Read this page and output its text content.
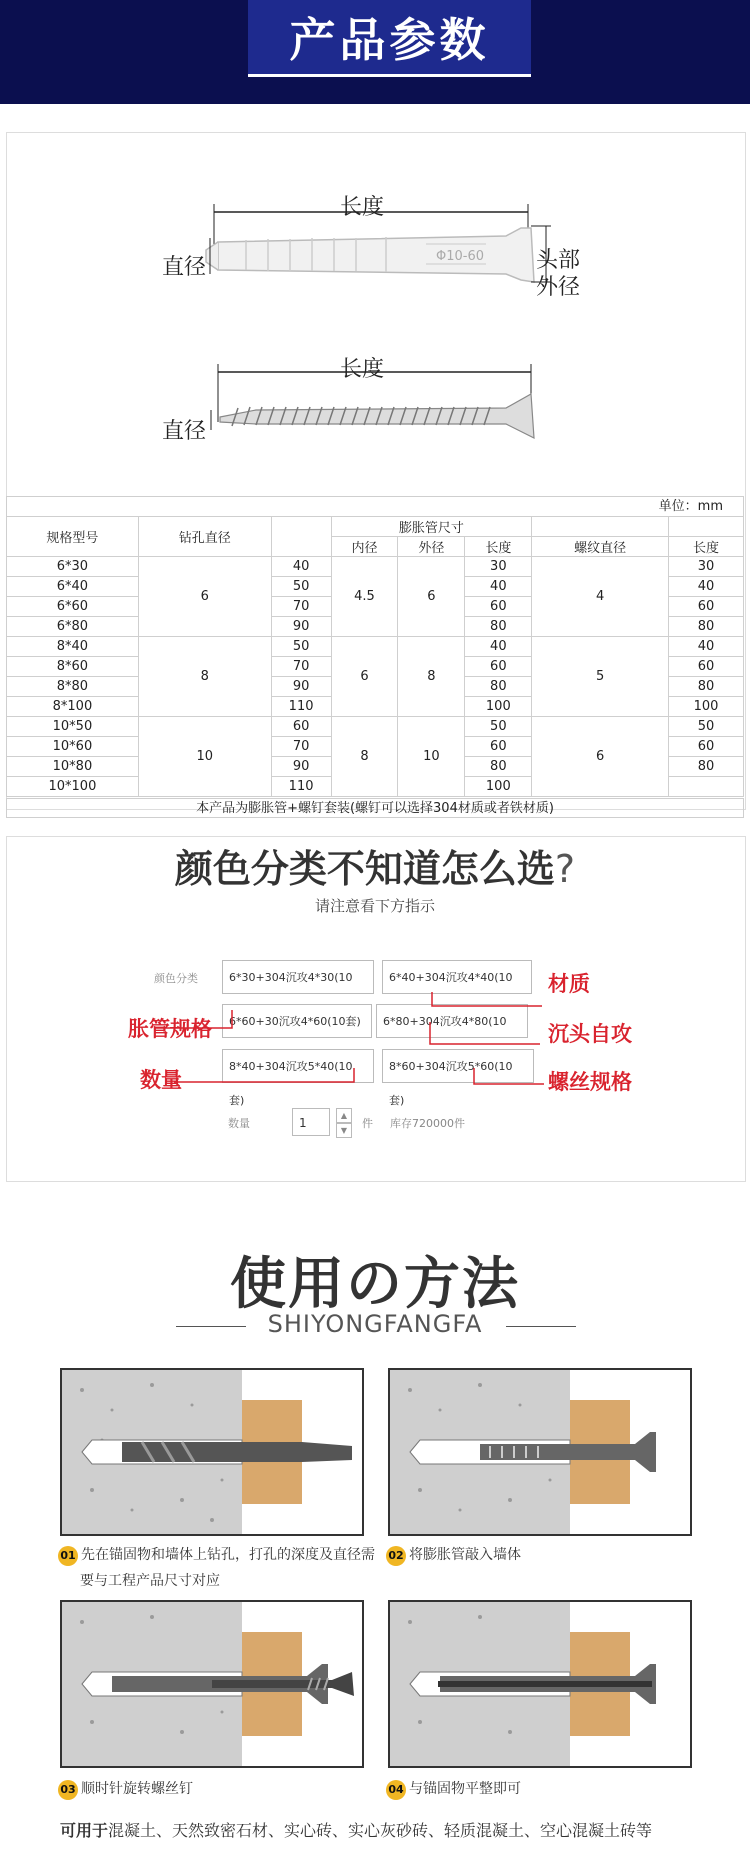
产品参数
Φ10-60
长度
直径	头部
外径
长度
直径
单位：mm
规格型号	钻孔直径		膨胀管尺寸				
			内径	外径	长度	螺纹直径	长度
6*30	6	40	4.5	6	30	4	30
6*40		50			40		40
6*60		70			60		60
6*80		90			80		80
8*40	8	50	6	8	40	5	40
8*60		70			60		60
8*80		90			80		80
8*100		110			100		100
10*50	10	60	8	10	50	6	50
10*60		70			60		60
10*80		90			80		80
10*100		110			100		
本产品为膨胀管+螺钉套装(螺钉可以选择304材质或者铁材质)
颜色分类不知道怎么选?
请注意看下方指示
颜色分类	6*30+304沉攻4*30(10	6*40+304沉攻4*40(10
6*60+30沉攻4*60(10套)	6*80+304沉攻4*80(10
8*40+304沉攻5*40(10套)
8*60+304沉攻5*60(10套)
材质
胀管规格	沉头自攻
数量	螺丝规格
数量	1
▲
▼
件 库存720000件
使用の方法
SHIYONGFANGFA
01 先在锚固物和墙体上钻孔，打孔的深度及直径需
要与工程产品尺寸对应
02 将膨胀管敲入墙体
03 顺时针旋转螺丝钉	04 与锚固物平整即可
可用于混凝土、天然致密石材、实心砖、实心灰砂砖、轻质混凝土、空心混凝土砖等
